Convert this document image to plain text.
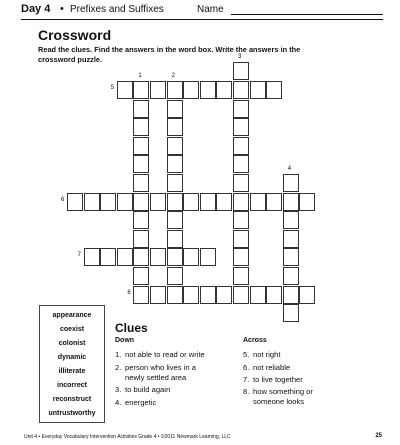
Day 4 • Prefixes and Suffixes	Name
Crossword
Read the clues. Find the answers in the word box. Write the answers in the crossword puzzle.
1	2
3
4
5
6
7
8
appearance
coexist
colonist
dynamic
illiterate
incorrect
reconstruct
untrustworthy
Clues
Down	Across
1. not able to read or write
2. person who lives in a
newly settled area
3. to build again
4. energetic
5. not right
6. not reliable
7. to live together
8. how something or
someone looks
Unit 4 • Everyday Vocabulary Intervention Activities Grade 4 • ©2011 Newmark Learning, LLC	25
